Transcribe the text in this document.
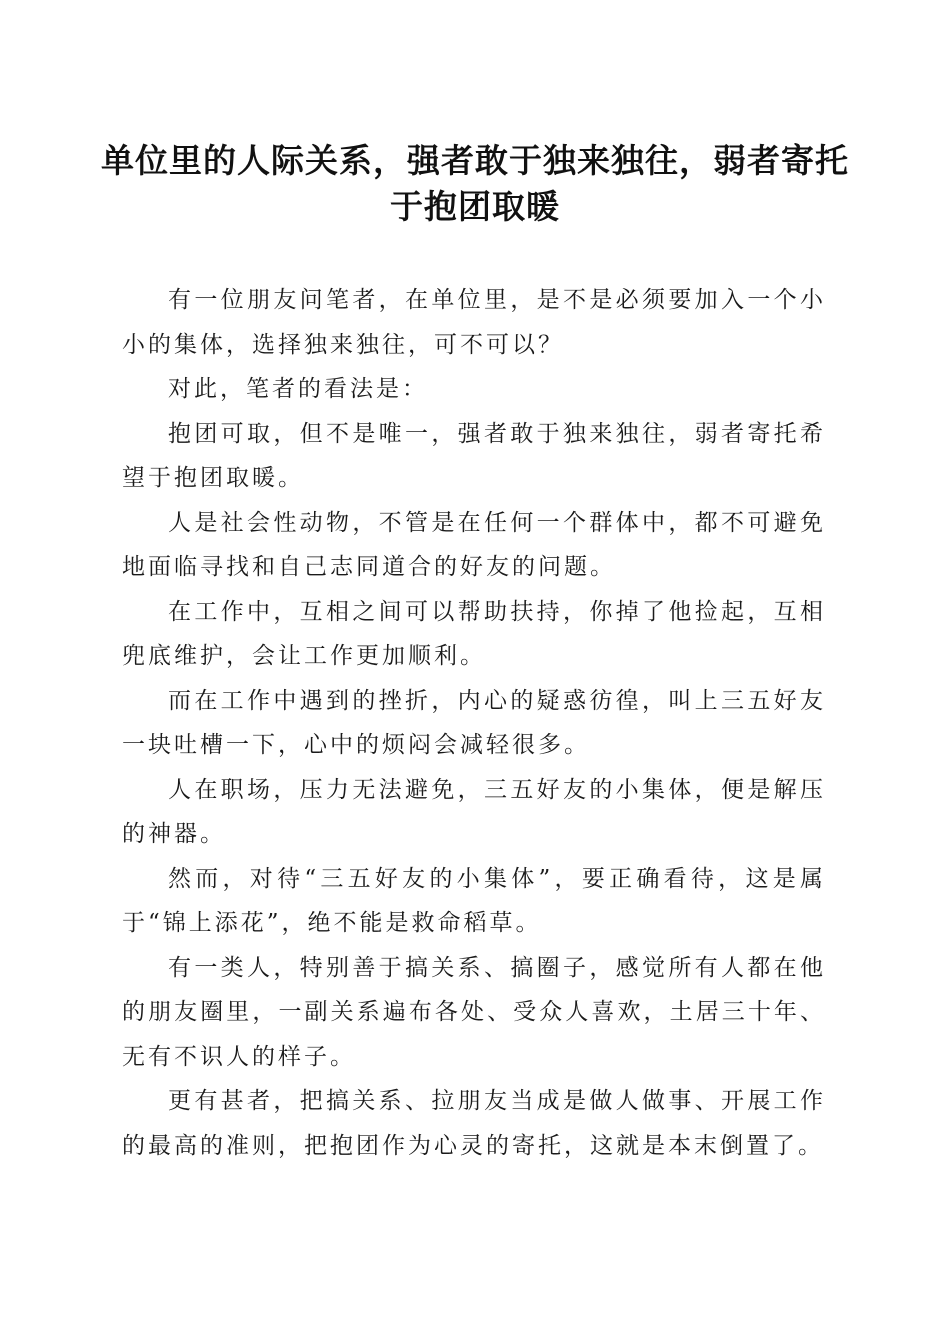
单位里的人际关系，强者敢于独来独往，弱者寄托于抱团取暖

有一位朋友问笔者，在单位里，是不是必须要加入一个小小的集体，选择独来独往，可不可以？

对此，笔者的看法是：

抱团可取，但不是唯一，强者敢于独来独往，弱者寄托希望于抱团取暖。

人是社会性动物，不管是在任何一个群体中，都不可避免地面临寻找和自己志同道合的好友的问题。

在工作中，互相之间可以帮助扶持，你掉了他捡起，互相兜底维护，会让工作更加顺利。

而在工作中遇到的挫折，内心的疑惑彷徨，叫上三五好友一块吐槽一下，心中的烦闷会减轻很多。

人在职场，压力无法避免，三五好友的小集体，便是解压的神器。

然而，对待“三五好友的小集体”，要正确看待，这是属于“锦上添花”，绝不能是救命稻草。

有一类人，特别善于搞关系、搞圈子，感觉所有人都在他的朋友圈里，一副关系遍布各处、受众人喜欢，土居三十年、无有不识人的样子。

更有甚者，把搞关系、拉朋友当成是做人做事、开展工作的最高的准则，把抱团作为心灵的寄托，这就是本末倒置了。
